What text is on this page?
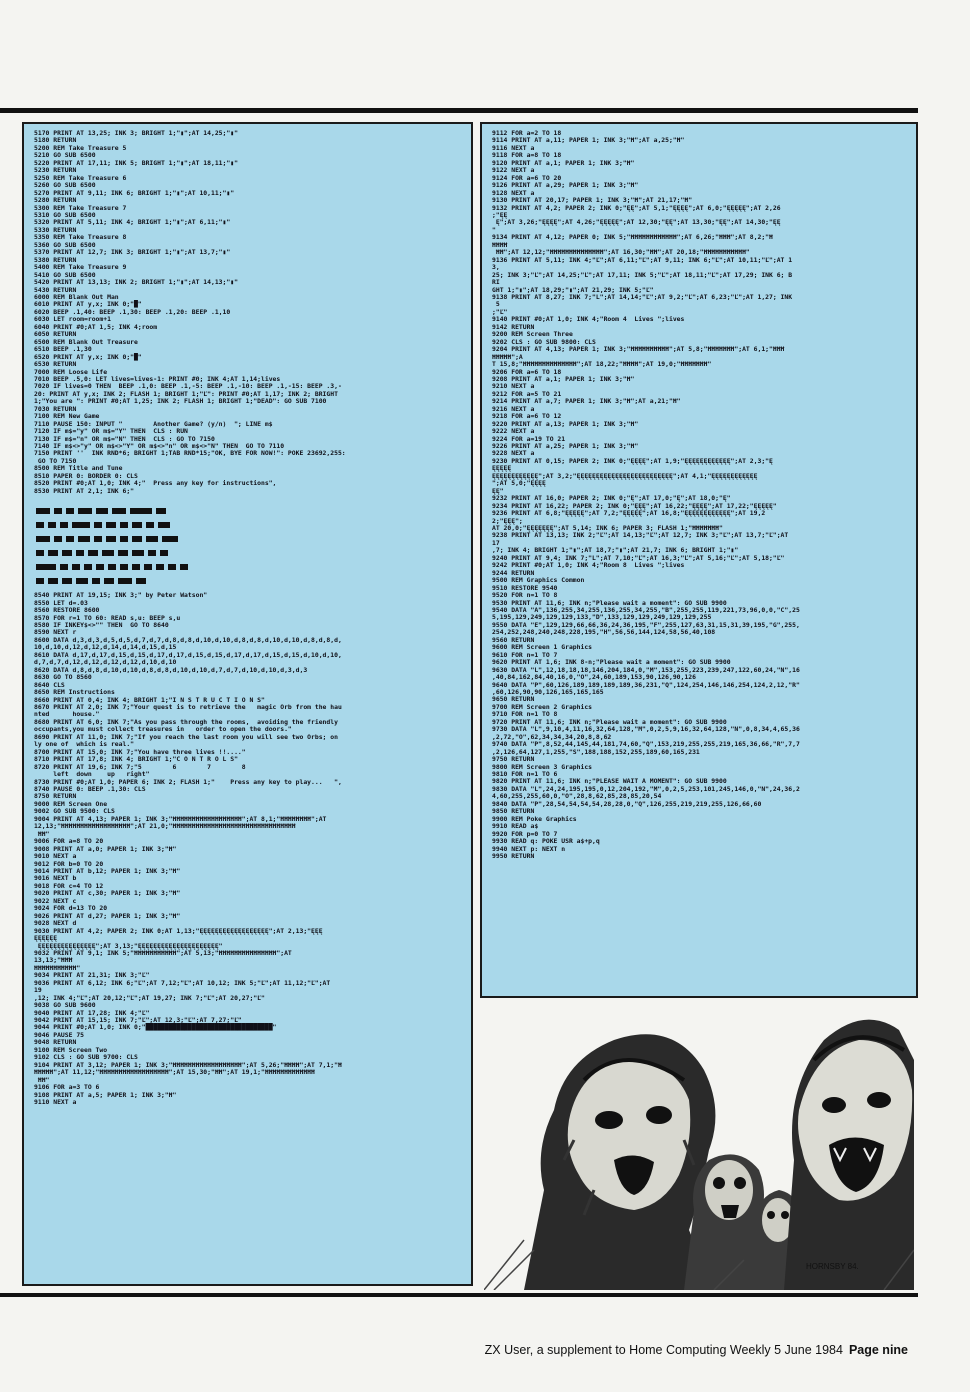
5170 PRINT AT 13,25; INK 3; BRIGHT 1;"▮";AT 14,25;"▮"
5180 RETURN
5200 REM Take Treasure 5
5210 GO SUB 6500
5220 PRINT AT 17,11; INK 5; BRIGHT 1;"▮";AT 18,11;"▮"
5230 RETURN
5250 REM Take Treasure 6
5260 GO SUB 6500
5270 PRINT AT 9,11; INK 6; BRIGHT 1;"▮";AT 10,11;"▮"
5280 RETURN
5300 REM Take Treasure 7
5310 GO SUB 6500
5320 PRINT AT 5,11; INK 4; BRIGHT 1;"▮";AT 6,11;"▮"
5330 RETURN
5350 REM Take Treasure 8
5360 GO SUB 6500
5370 PRINT AT 12,7; INK 3; BRIGHT 1;"▮";AT 13,7;"▮"
5380 RETURN
5400 REM Take Treasure 9
5410 GO SUB 6500
5420 PRINT AT 13,13; INK 2; BRIGHT 1;"▮";AT 14,13;"▮"
5430 RETURN
6000 REM Blank Out Man
6010 PRINT AT y,x; INK 0;"█"
6020 BEEP .1,40: BEEP .1,30: BEEP .1,20: BEEP .1,10
6030 LET room=room+1
6040 PRINT #0;AT 1,5; INK 4;room
6050 RETURN
6500 REM Blank Out Treasure
6510 BEEP .1,30
6520 PRINT AT y,x; INK 0;"█"
6530 RETURN
7000 REM Loose Life
7010 BEEP .5,0: LET lives=lives-1: PRINT #0; INK 4;AT 1,14;lives
7020 IF lives=0 THEN  BEEP .1,0: BEEP .1,-5: BEEP .1,-10: BEEP .1,-15: BEEP .3,-
20: PRINT AT y,x; INK 2; FLASH 1; BRIGHT 1;"Ľ": PRINT #0;AT 1,17; INK 2; BRIGHT
1;"You are ": PRINT #0;AT 1,25; INK 2; FLASH 1; BRIGHT 1;"DEAD": GO SUB 7100
7030 RETURN
7100 REM New Game
7110 PAUSE 150: INPUT "        Another Game? (y/n)  "; LINE m$
7120 IF m$="y" OR m$="Y" THEN  CLS : RUN
7130 IF m$="n" OR m$="N" THEN  CLS : GO TO 7150
7140 IF m$<>"y" OR m$<>"Y" OR m$<>"n" OR m$<>"N" THEN  GO TO 7110
7150 PRINT ''  INK RND*6; BRIGHT 1;TAB RND*15;"OK, BYE FOR NOW!": POKE 23692,255:
GO TO 7150
8500 REM Title and Tune
8510 PAPER 0: BORDER 0: CLS
8520 PRINT #0;AT 1,0; INK 4;"  Press any key for instructions",
8530 PRINT AT 2,1; INK 6;"
8540 PRINT AT 19,15; INK 3;" by Peter Watson"
8550 LET d=.03
8560 RESTORE 8600
8570 FOR r=1 TO 60: READ s,u: BEEP s,u
8580 IF INKEY$<>"" THEN  GO TO 8640
8590 NEXT r
8600 DATA d,3,d,3,d,5,d,5,d,7,d,7,d,8,d,8,d,10,d,10,d,8,d,8,d,10,d,10,d,8,d,8,d,
10,d,10,d,12,d,12,d,14,d,14,d,15,d,15
8610 DATA d,17,d,17,d,15,d,15,d,17,d,17,d,15,d,15,d,17,d,17,d,15,d,15,d,10,d,10,
d,7,d,7,d,12,d,12,d,12,d,12,d,10,d,10
8620 DATA d,8,d,8,d,10,d,10,d,8,d,8,d,10,d,10,d,7,d,7,d,10,d,10,d,3,d,3
8630 GO TO 8560
8640 CLS
8650 REM Instructions
8660 PRINT AT 0,4; INK 4; BRIGHT 1;"I N S T R U C T I O N S"
8670 PRINT AT 2,0; INK 7;"Your quest is to retrieve the   magic Orb from the hau
nted      house."
8680 PRINT AT 6,0; INK 7;"As you pass through the rooms,  avoiding the friendly
occupants,you must collect treasures in   order to open the doors."
8690 PRINT AT 11,0; INK 7;"If you reach the last room you will see two Orbs; on
ly one of  which is real."
8700 PRINT AT 15,0; INK 7;"You have three lives !!...."
8710 PRINT AT 17,8; INK 4; BRIGHT 1;"C O N T R O L S"
8720 PRINT AT 19,6; INK 7;"5        6        7        8
left  down    up   right"
8730 PRINT #0;AT 1,0; PAPER 6; INK 2; FLASH 1;"    Press any key to play...   ",
8740 PAUSE 0: BEEP .1,30: CLS
8750 RETURN
9000 REM Screen One
9002 GO SUB 9500: CLS
9004 PRINT AT 4,13; PAPER 1; INK 3;"ĦĦĦĦĦĦĦĦĦĦĦĦĦĦĦĦĦĦ";AT 8,1;"ĦĦĦĦĦĦĦĦ";AT
12,13;"ĦĦĦĦĦĦĦĦĦĦĦĦĦĦĦĦĦĦ";AT 21,0;"ĦĦĦĦĦĦĦĦĦĦĦĦĦĦĦĦĦĦĦĦĦĦĦĦĦĦĦĦĦĦĦĦ
ĦĦ"
9006 FOR a=8 TO 20
9008 PRINT AT a,0; PAPER 1; INK 3;"Ħ"
9010 NEXT a
9012 FOR b=0 TO 20
9014 PRINT AT b,12; PAPER 1; INK 3;"Ħ"
9016 NEXT b
9018 FOR c=4 TO 12
9020 PRINT AT c,30; PAPER 1; INK 3;"Ħ"
9022 NEXT c
9024 FOR d=13 TO 20
9026 PRINT AT d,27; PAPER 1; INK 3;"Ħ"
9028 NEXT d
9030 PRINT AT 4,2; PAPER 2; INK 0;AT 1,13;"ĘĘĘĘĘĘĘĘĘĘĘĘĘĘĘĘĘĘ";AT 2,13;"ĘĘĘ
ĘĘĘĘĘĘ
ĘĘĘĘĘĘĘĘĘĘĘĘĘĘĘ";AT 3,13;"ĘĘĘĘĘĘĘĘĘĘĘĘĘĘĘĘĘĘĘĘĘ"
9032 PRINT AT 9,1; INK 5;"ĦĦĦĦĦĦĦĦĦĦĦ";AT 5,13;"ĦĦĦĦĦĦĦĦĦĦĦĦĦĦĦ";AT
13,13;"ĦĦĦ
ĦĦĦĦĦĦĦĦĦĦĦ"
9034 PRINT AT 21,31; INK 3;"Ľ"
9036 PRINT AT 6,12; INK 6;"Ľ";AT 7,12;"Ľ";AT 10,12; INK 5;"Ľ";AT 11,12;"Ľ";AT
19
,12; INK 4;"Ľ";AT 20,12;"Ľ";AT 19,27; INK 7;"Ľ";AT 20,27;"Ľ"
9038 GO SUB 9600
9040 PRINT AT 17,28; INK 4;"Ľ"
9042 PRINT AT 15,15; INK 7;"Ľ";AT 12,3;"Ľ";AT 7,27;"Ľ"
9044 PRINT #0;AT 1,0; INK 0;"█████████████████████████████████"
9046 PAUSE 75
9048 RETURN
9100 REM Screen Two
9102 CLS : GO SUB 9700: CLS
9104 PRINT AT 3,12; PAPER 1; INK 3;"ĦĦĦĦĦĦĦĦĦĦĦĦĦĦĦĦĦĦ";AT 5,26;"ĦĦĦĦ";AT 7,1;"Ħ
ĦĦĦĦĦ";AT 11,12;"ĦĦĦĦĦĦĦĦĦĦĦĦĦĦĦĦĦĦ";AT 15,30;"ĦĦ";AT 19,1;"ĦĦĦĦĦĦĦĦĦĦĦĦĦ
ĦĦ"
9106 FOR a=3 TO 6
9108 PRINT AT a,5; PAPER 1; INK 3;"Ħ"
9110 NEXT a
9112 FOR a=2 TO 18
9114 PRINT AT a,11; PAPER 1; INK 3;"Ħ";AT a,25;"Ħ"
9116 NEXT a
9118 FOR a=8 TO 18
9120 PRINT AT a,1; PAPER 1; INK 3;"Ħ"
9122 NEXT a
9124 FOR a=6 TO 20
9126 PRINT AT a,29; PAPER 1; INK 3;"Ħ"
9128 NEXT a
9130 PRINT AT 20,17; PAPER 1; INK 3;"Ħ";AT 21,17;"Ħ"
9132 PRINT AT 4,2; PAPER 2; INK 0;"ĘĘ";AT 5,1;"ĘĘĘĘ";AT 6,0;"ĘĘĘĘĘ";AT 2,26
;"ĘĘ
Ę";AT 3,26;"ĘĘĘĘ";AT 4,26;"ĘĘĘĘĘ";AT 12,30;"ĘĘ";AT 13,30;"ĘĘ";AT 14,30;"ĘĘ
"
9134 PRINT AT 4,12; PAPER 0; INK 5;"ĦĦĦĦĦĦĦĦĦĦĦĦ";AT 6,26;"ĦĦĦ";AT 8,2;"Ħ
ĦĦĦĦ
ĦĦ";AT 12,12;"ĦĦĦĦĦĦĦĦĦĦĦĦĦĦ";AT 16,30;"ĦĦ";AT 20,18;"ĦĦĦĦĦĦĦĦĦĦĦ"
9136 PRINT AT 5,11; INK 4;"Ľ";AT 6,11;"Ľ";AT 9,11; INK 6;"Ľ";AT 10,11;"Ľ";AT 1
3,
25; INK 3;"Ľ";AT 14,25;"Ľ";AT 17,11; INK 5;"Ľ";AT 18,11;"Ľ";AT 17,29; INK 6; B
RI
GHT 1;"▮";AT 18,29;"▮";AT 21,29; INK 5;"Ľ"
9138 PRINT AT 8,27; INK 7;"L";AT 14,14;"Ľ";AT 9,2;"Ľ";AT 6,23;"Ľ";AT 1,27; INK
5
;"Ľ"
9140 PRINT #0;AT 1,0; INK 4;"Room 4  Lives ";lives
9142 RETURN
9200 REM Screen Three
9202 CLS : GO SUB 9800: CLS
9204 PRINT AT 4,13; PAPER 1; INK 3;"ĦĦĦĦĦĦĦĦĦĦ";AT 5,8;"ĦĦĦĦĦĦĦ";AT 6,1;"ĦĦĦ
ĦĦĦĦĦ";A
T 15,8;"ĦĦĦĦĦĦĦĦĦĦĦĦĦĦ";AT 18,22;"ĦĦĦĦ";AT 19,0;"ĦĦĦĦĦĦĦ"
9206 FOR a=6 TO 18
9208 PRINT AT a,1; PAPER 1; INK 3;"Ħ"
9210 NEXT a
9212 FOR a=5 TO 21
9214 PRINT AT a,7; PAPER 1; INK 3;"Ħ";AT a,21;"Ħ"
9216 NEXT a
9218 FOR a=6 TO 12
9220 PRINT AT a,13; PAPER 1; INK 3;"Ħ"
9222 NEXT a
9224 FOR a=19 TO 21
9226 PRINT AT a,25; PAPER 1; INK 3;"Ħ"
9228 NEXT a
9230 PRINT AT 0,15; PAPER 2; INK 0;"ĘĘĘĘ";AT 1,9;"ĘĘĘĘĘĘĘĘĘĘĘĘ";AT 2,3;"Ę
ĘĘĘĘĘ
ĘĘĘĘĘĘĘĘĘĘĘĘ";AT 3,2;"ĘĘĘĘĘĘĘĘĘĘĘĘĘĘĘĘĘĘĘĘĘĘĘĘĘ";AT 4,1;"ĘĘĘĘĘĘĘĘĘĘĘĘ
";AT 5,0;"ĘĘĘĘ
ĘĘ"
9232 PRINT AT 16,0; PAPER 2; INK 0;"Ę";AT 17,0;"Ę";AT 18,0;"Ę"
9234 PRINT AT 16,22; PAPER 2; INK 0;"ĘĘĘ";AT 16,22;"ĘĘĘĘ";AT 17,22;"ĘĘĘĘĘ"
9236 PRINT AT 6,8;"ĘĘĘĘĘ";AT 7,2;"ĘĘĘĘĘ";AT 16,8;"ĘĘĘĘĘĘĘĘĘĘĘĘ";AT 19,2
2;"ĘĘĘ";
AT 20,0;"ĘĘĘĘĘĘĘ";AT 5,14; INK 6; PAPER 3; FLASH 1;"ĦĦĦĦĦĦĦ"
9238 PRINT AT 13,13; INK 2;"Ľ";AT 14,13;"Ľ";AT 12,7; INK 3;"Ľ";AT 13,7;"Ľ";AT
17
,7; INK 4; BRIGHT 1;"▮";AT 18,7;"▮";AT 21,7; INK 6; BRIGHT 1;"▮"
9240 PRINT AT 9,4; INK 7;"L";AT 7,10;"Ľ";AT 16,3;"Ľ";AT 5,16;"Ľ";AT 5,18;"Ľ"
9242 PRINT #0;AT 1,0; INK 4;"Room 8  Lives ";lives
9244 RETURN
9500 REM Graphics Common
9510 RESTORE 9540
9520 FOR n=1 TO 8
9530 PRINT AT 11,6; INK n;"Please wait a moment": GO SUB 9900
9540 DATA "A",136,255,34,255,136,255,34,255,"B",255,255,119,221,73,96,0,0,"C",25
5,195,129,249,129,129,133,"D",133,129,129,249,129,129,255
9550 DATA "E",129,129,66,66,36,24,36,195,"F",255,127,63,31,15,31,39,195,"G",255,
254,252,248,240,248,228,195,"H",56,56,144,124,58,56,40,108
9560 RETURN
9600 REM Screen 1 Graphics
9610 FOR n=1 TO 7
9620 PRINT AT 1,6; INK 8-n;"Please wait a moment": GO SUB 9900
9630 DATA "L",12,18,18,18,146,204,184,0,"M",153,255,223,239,247,122,60,24,"N",16
,40,84,162,84,40,16,0,"O",24,60,189,153,90,126,90,126
9640 DATA "P",60,126,189,189,189,189,36,231,"Q",124,254,146,146,254,124,2,12,"R"
,60,126,90,90,126,165,165,165
9650 RETURN
9700 REM Screen 2 Graphics
9710 FOR n=1 TO 8
9720 PRINT AT 11,6; INK n;"Please wait a moment": GO SUB 9900
9730 DATA "L",9,10,4,11,16,32,64,128,"M",0,2,5,9,16,32,64,128,"N",0,8,34,4,65,36
,2,72,"O",62,34,34,34,20,8,8,62
9740 DATA "P",8,52,44,145,44,181,74,60,"Q",153,219,255,255,219,165,36,66,"R",7,7
,2,126,64,127,1,255,"S",188,188,152,255,189,60,165,231
9750 RETURN
9800 REM Screen 3 Graphics
9810 FOR n=1 TO 6
9820 PRINT AT 11,6; INK n;"PLEASE WAIT A MOMENT": GO SUB 9900
9830 DATA "L",24,24,195,195,0,12,204,192,"M",0,2,5,253,101,245,146,0,"N",24,36,2
4,60,255,255,60,0,"O",28,8,62,85,28,85,20,54
9840 DATA "P",28,54,54,54,54,28,28,0,"Q",126,255,219,219,255,126,66,60
9850 RETURN
9900 REM Poke Graphics
9910 READ a$
9920 FOR p=0 TO 7
9930 READ q: POKE USR a$+p,q
9940 NEXT p: NEXT n
9950 RETURN
HORNSBY 84.
ZX User, a supplement to Home Computing Weekly 5 June 1984 Page nine
